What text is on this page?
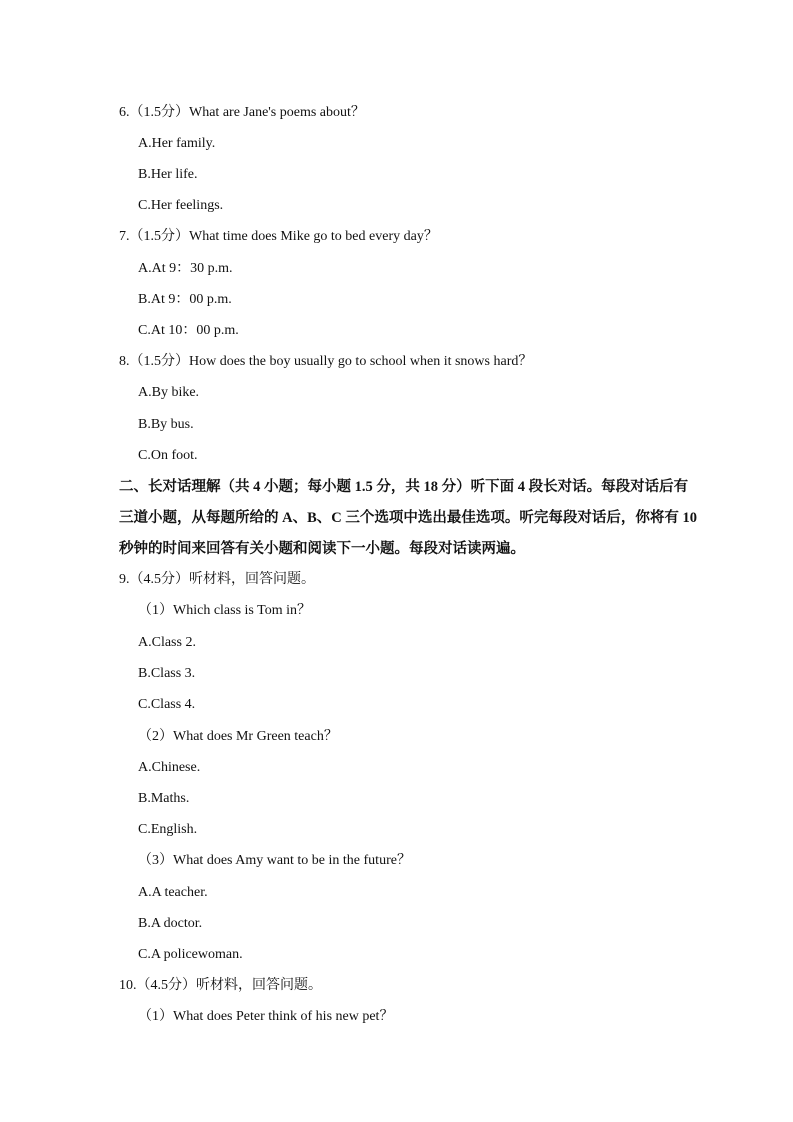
6.（1.5分）What are Jane's poems about？
A.Her family.
B.Her life.
C.Her feelings.
7.（1.5分）What time does Mike go to bed every day？
A.At 9：30 p.m.
B.At 9：00 p.m.
C.At 10：00 p.m.
8.（1.5分）How does the boy usually go to school when it snows hard？
A.By bike.
B.By bus.
C.On foot.
二、长对话理解（共 4 小题；每小题 1.5 分，共 18 分）听下面 4 段长对话。每段对话后有
三道小题，从每题所给的 A、B、C 三个选项中选出最佳选项。听完每段对话后，你将有 10
秒钟的时间来回答有关小题和阅读下一小题。每段对话读两遍。
9.（4.5分）听材料，回答问题。
（1）Which class is Tom in？
A.Class 2.
B.Class 3.
C.Class 4.
（2）What does Mr Green teach？
A.Chinese.
B.Maths.
C.English.
（3）What does Amy want to be in the future？
A.A teacher.
B.A doctor.
C.A policewoman.
10.（4.5分）听材料，回答问题。
（1）What does Peter think of his new pet？
